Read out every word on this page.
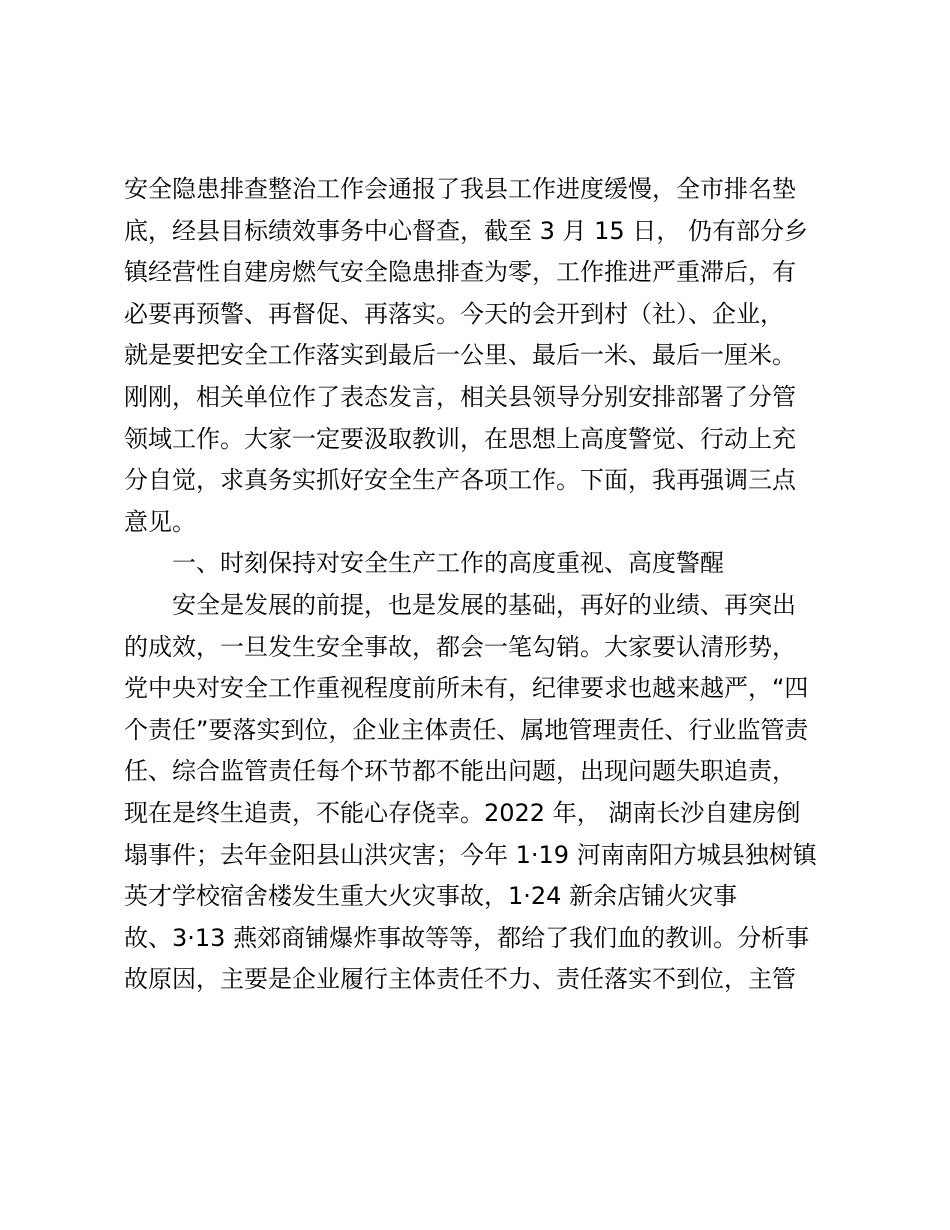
安全隐患排查整治工作会通报了我县工作进度缓慢，全市排名垫
底，经县目标绩效事务中心督查，截至 3 月 15 日， 仍有部分乡
镇经营性自建房燃气安全隐患排查为零，工作推进严重滞后，有
必要再预警、再督促、再落实。今天的会开到村（社）、企业，
就是要把安全工作落实到最后一公里、最后一米、最后一厘米。
刚刚，相关单位作了表态发言，相关县领导分别安排部署了分管
领域工作。大家一定要汲取教训，在思想上高度警觉、行动上充
分自觉，求真务实抓好安全生产各项工作。下面，我再强调三点
意见。
一、时刻保持对安全生产工作的高度重视、高度警醒
安全是发展的前提，也是发展的基础，再好的业绩、再突出
的成效，一旦发生安全事故，都会一笔勾销。大家要认清形势，
党中央对安全工作重视程度前所未有，纪律要求也越来越严，“四
个责任”要落实到位，企业主体责任、属地管理责任、行业监管责
任、综合监管责任每个环节都不能出问题，出现问题失职追责，
现在是终生追责，不能心存侥幸。2022 年， 湖南长沙自建房倒
塌事件；去年金阳县山洪灾害；今年 1·19 河南南阳方城县独树镇
英才学校宿舍楼发生重大火灾事故，1·24 新余店铺火灾事
故、3·13 燕郊商铺爆炸事故等等，都给了我们血的教训。分析事
故原因，主要是企业履行主体责任不力、责任落实不到位，主管
